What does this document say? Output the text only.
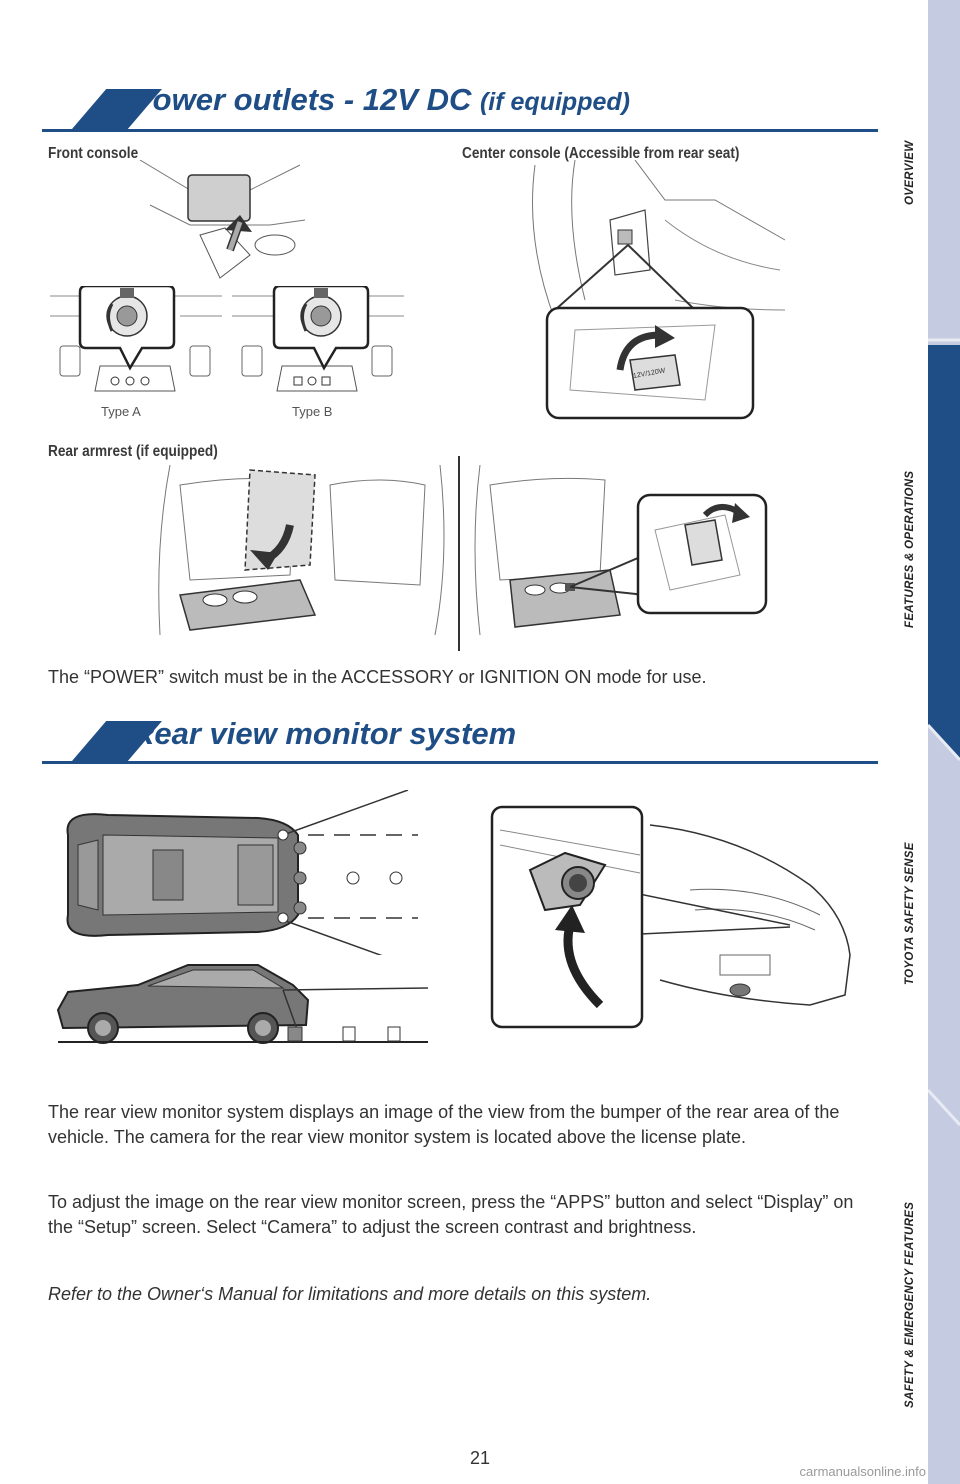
Power outlets - 12V DC (if equipped)
Front console	Center console (Accessible from rear seat)
Type A	Type B
12V/120W
Rear armrest (if equipped)
The “POWER” switch must be in the ACCESSORY or IGNITION ON mode for use.
Rear view monitor system
The rear view monitor system displays an image of the view from the bumper of the rear area of the vehicle. The camera for the rear view monitor system is located above the license plate.
To adjust the image on the rear view monitor screen, press the “APPS” button and select “Display” on the “Setup” screen. Select “Camera” to adjust the screen contrast and brightness.
Refer to the Owner‘s Manual for limitations and more details on this system.
OVERVIEW
FEATURES & OPERATIONS
TOYOTA SAFETY SENSE
SAFETY & EMERGENCY FEATURES
21
carmanualsonline.info
